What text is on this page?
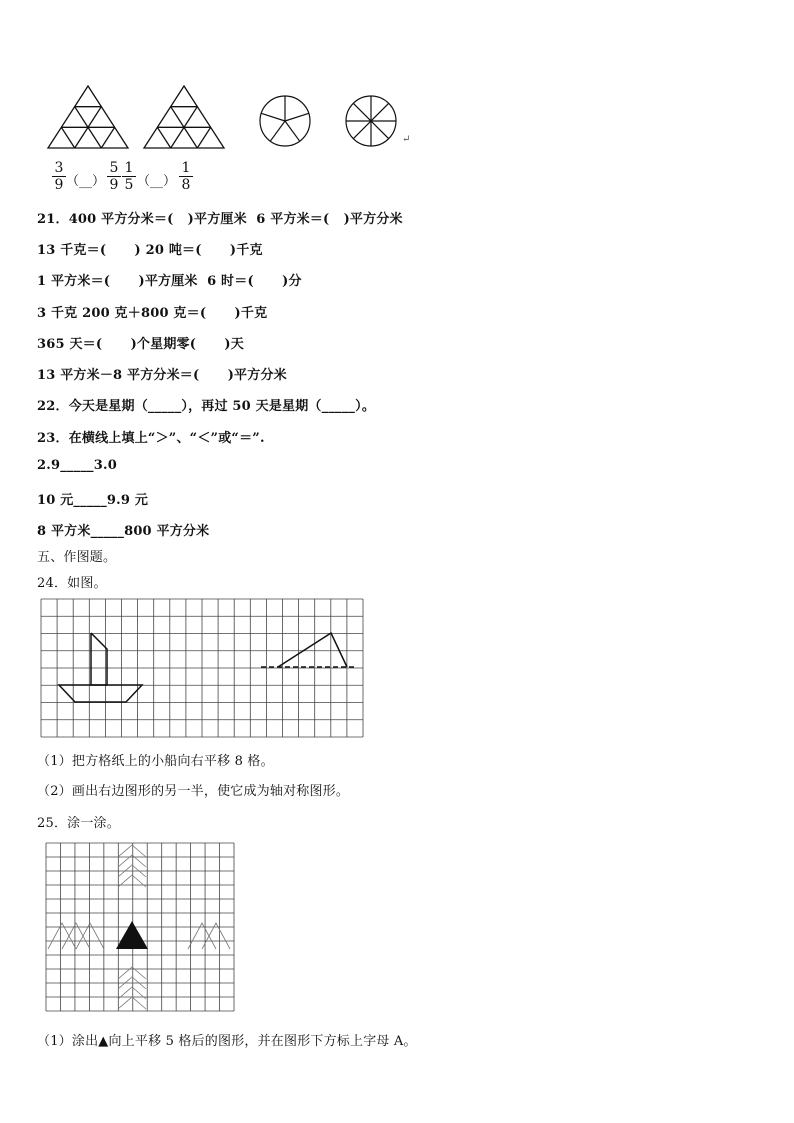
↵
$\frac{3}{9}$ （__） $\frac{5}{9} \frac{1}{5}$ （__） $\frac{1}{8}$
21．400 平方分米＝(   )平方厘米  6 平方米＝(   )平方分米
13 千克＝(      ) 20 吨＝(      )千克
1 平方米＝(      )平方厘米  6 时＝(      )分
3 千克 200 克＋800 克＝(      )千克
365 天＝(      )个星期零(      )天
13 平方米－8 平方分米＝(      )平方分米
22．今天是星期（_____），再过 50 天是星期（_____）。
23．在横线上填上“＞”、“＜”或“＝”.
2.9_____3.0
10 元_____9.9 元
8 平方米_____800 平方分米
五、作图题。
24．如图。
（1）把方格纸上的小船向右平移 8 格。
（2）画出右边图形的另一半，使它成为轴对称图形。
25．涂一涂。
（1）涂出▲向上平移 5 格后的图形，并在图形下方标上字母 A。
